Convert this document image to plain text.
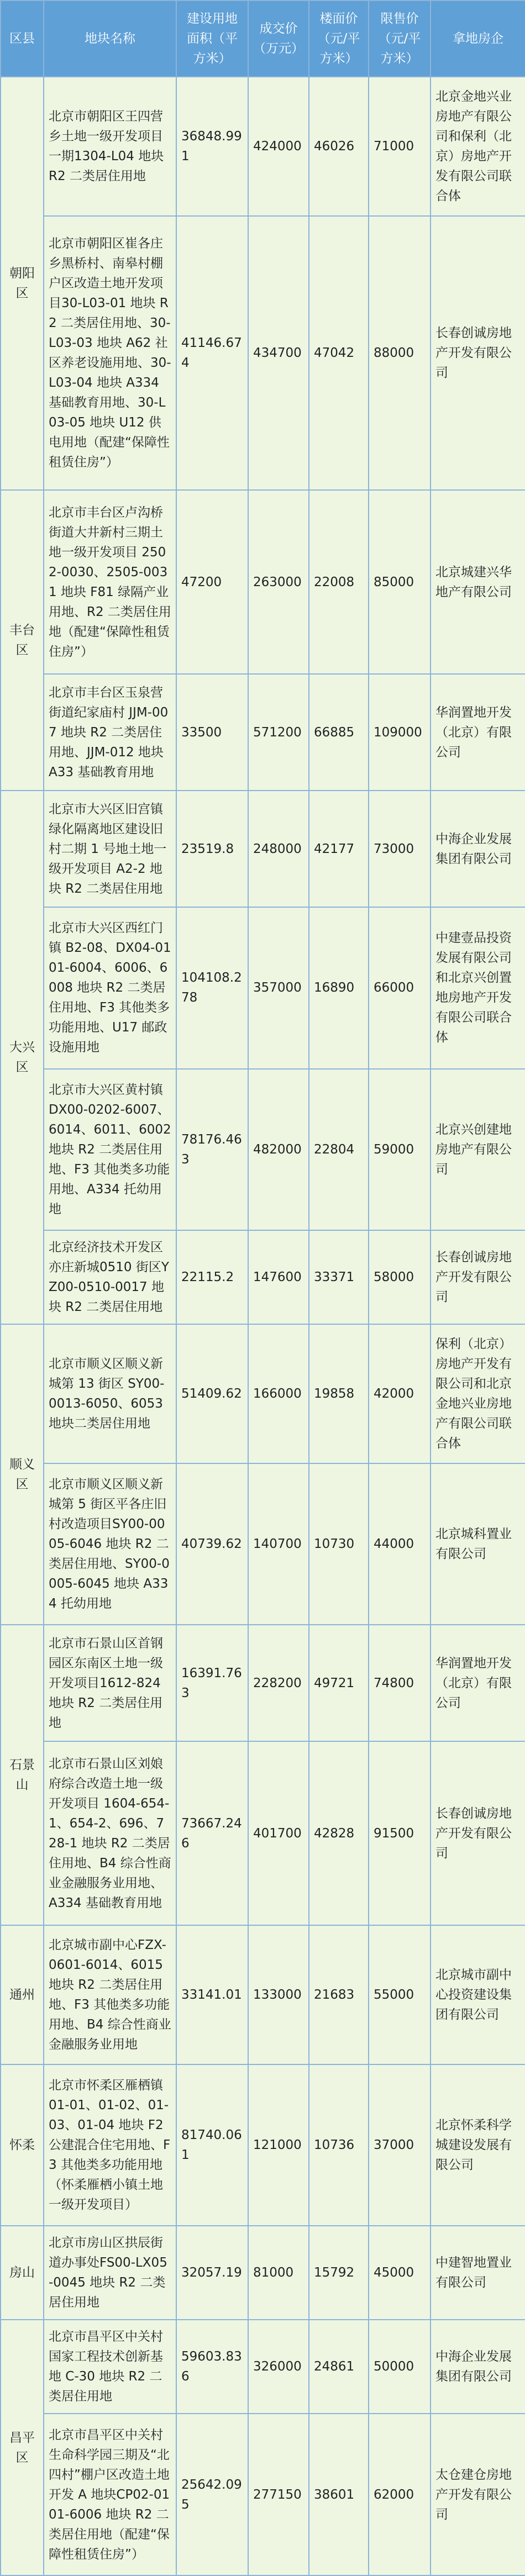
区县	地块名称	建设用地面积（平方米）	成交价（万元）	楼面价（元/平方米）	限售价（元/平方米）	拿地房企
朝阳区	北京市朝阳区王四营乡土地一级开发项目一期1304-L04 地块 R2 二类居住用地	36848.991	424000	46026	71000	北京金地兴业房地产有限公司和保利（北京）房地产开发有限公司联合体
	北京市朝阳区崔各庄乡黑桥村、南皋村棚户区改造土地开发项目30-L03-01 地块 R2 二类居住用地、30-L03-03 地块 A62 社区养老设施用地、30-L03-04 地块 A334 基础教育用地、30-L03-05 地块 U12 供电用地（配建“保障性租赁住房”）	41146.674	434700	47042	88000	长春创诚房地产开发有限公司
丰台区	北京市丰台区卢沟桥街道大井新村三期土地一级开发项目 2502-0030、2505-0031 地块 F81 绿隔产业用地、R2 二类居住用地（配建“保障性租赁住房”）	47200	263000	22008	85000	北京城建兴华地产有限公司
	北京市丰台区玉泉营街道纪家庙村 JJM-007 地块 R2 二类居住用地、JJM-012 地块 A33 基础教育用地	33500	571200	66885	109000	华润置地开发（北京）有限公司
大兴区	北京市大兴区旧宫镇绿化隔离地区建设旧村二期 1 号地土地一级开发项目 A2-2 地块 R2 二类居住用地	23519.8	248000	42177	73000	中海企业发展集团有限公司
	北京市大兴区西红门镇 B2-08、DX04-0101-6004、6006、6008 地块 R2 二类居住用地、F3 其他类多功能用地、U17 邮政设施用地	104108.278	357000	16890	66000	中建壹品投资发展有限公司和北京兴创置地房地产开发有限公司联合体
	北京市大兴区黄村镇 DX00-0202-6007、6014、6011、6002 地块 R2 二类居住用地、F3 其他类多功能用地、A334 托幼用地	78176.463	482000	22804	59000	北京兴创建地房地产有限公司
	北京经济技术开发区亦庄新城0510 街区YZ00-0510-0017 地块 R2 二类居住用地	22115.2	147600	33371	58000	长春创诚房地产开发有限公司
顺义区	北京市顺义区顺义新城第 13 街区 SY00-0013-6050、6053 地块二类居住用地	51409.62	166000	19858	42000	保利（北京）房地产开发有限公司和北京金地兴业房地产有限公司联合体
	北京市顺义区顺义新城第 5 街区平各庄旧村改造项目SY00-0005-6046 地块 R2 二类居住用地、SY00-0005-6045 地块 A334 托幼用地	40739.62	140700	10730	44000	北京城科置业有限公司
石景山	北京市石景山区首钢园区东南区土地一级开发项目1612-824 地块 R2 二类居住用地	16391.763	228200	49721	74800	华润置地开发（北京）有限公司
	北京市石景山区刘娘府综合改造土地一级开发项目 1604-654-1、654-2、696、728-1 地块 R2 二类居住用地、B4 综合性商业金融服务业用地、A334 基础教育用地	73667.246	401700	42828	91500	长春创诚房地产开发有限公司
通州	北京城市副中心FZX-0601-6014、6015 地块 R2 二类居住用地、F3 其他类多功能用地、B4 综合性商业金融服务业用地	33141.01	133000	21683	55000	北京城市副中心投资建设集团有限公司
怀柔	北京市怀柔区雁栖镇 01-01、01-02、01-03、01-04 地块 F2 公建混合住宅用地、F3 其他类多功能用地（怀柔雁栖小镇土地一级开发项目）	81740.061	121000	10736	37000	北京怀柔科学城建设发展有限公司
房山	北京市房山区拱辰街道办事处FS00-LX05-0045 地块 R2 二类居住用地	32057.19	81000	15792	45000	中建智地置业有限公司
昌平区	北京市昌平区中关村国家工程技术创新基地 C-30 地块 R2 二类居住用地	59603.836	326000	24861	50000	中海企业发展集团有限公司
	北京市昌平区中关村生命科学园三期及“北四村”棚户区改造土地开发 A 地块CP02-0101-6006 地块 R2 二类居住用地（配建“保障性租赁住房”）	25642.095	277150	38601	62000	太仓建仓房地产开发有限公司
